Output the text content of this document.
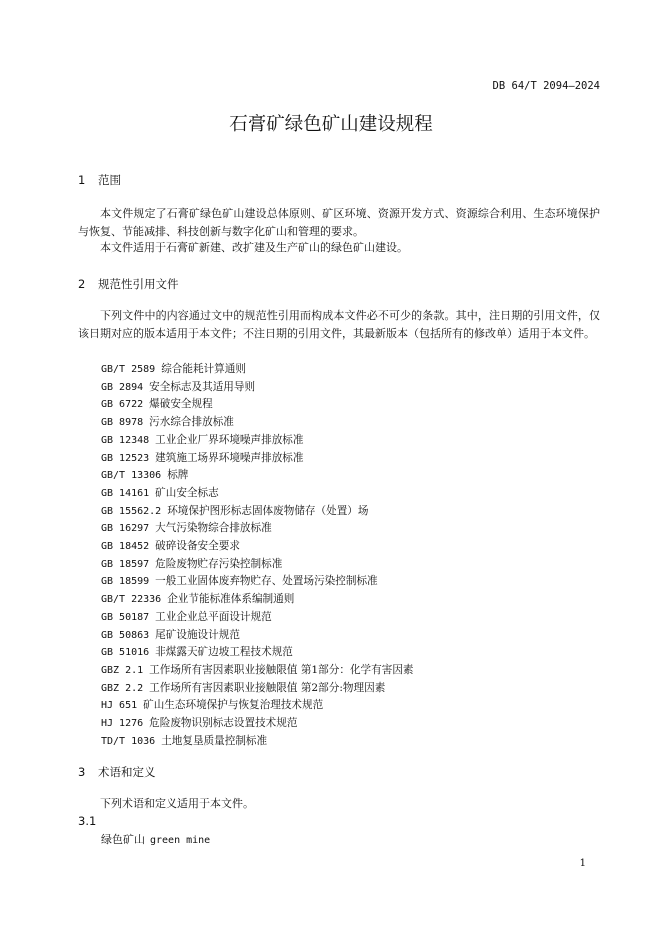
DB 64/T 2094—2024
石膏矿绿色矿山建设规程
1 范围
本文件规定了石膏矿绿色矿山建设总体原则、矿区环境、资源开发方式、资源综合利用、生态环境保护与恢复、节能减排、科技创新与数字化矿山和管理的要求。
本文件适用于石膏矿新建、改扩建及生产矿山的绿色矿山建设。
2 规范性引用文件
下列文件中的内容通过文中的规范性引用而构成本文件必不可少的条款。其中，注日期的引用文件，仅该日期对应的版本适用于本文件；不注日期的引用文件，其最新版本（包括所有的修改单）适用于本文件。
GB/T 2589 综合能耗计算通则
GB 2894 安全标志及其适用导则
GB 6722 爆破安全规程
GB 8978 污水综合排放标准
GB 12348 工业企业厂界环境噪声排放标准
GB 12523 建筑施工场界环境噪声排放标准
GB/T 13306 标牌
GB 14161 矿山安全标志
GB 15562.2 环境保护图形标志固体废物储存（处置）场
GB 16297 大气污染物综合排放标准
GB 18452 破碎设备安全要求
GB 18597 危险废物贮存污染控制标准
GB 18599 一般工业固体废弃物贮存、处置场污染控制标准
GB/T 22336 企业节能标准体系编制通则
GB 50187 工业企业总平面设计规范
GB 50863 尾矿设施设计规范
GB 51016 非煤露天矿边坡工程技术规范
GBZ 2.1 工作场所有害因素职业接触限值 第1部分：化学有害因素
GBZ 2.2 工作场所有害因素职业接触限值 第2部分:物理因素
HJ 651 矿山生态环境保护与恢复治理技术规范
HJ 1276 危险废物识别标志设置技术规范
TD/T 1036 土地复垦质量控制标准
3 术语和定义
下列术语和定义适用于本文件。
3.1
绿色矿山 green mine
1
